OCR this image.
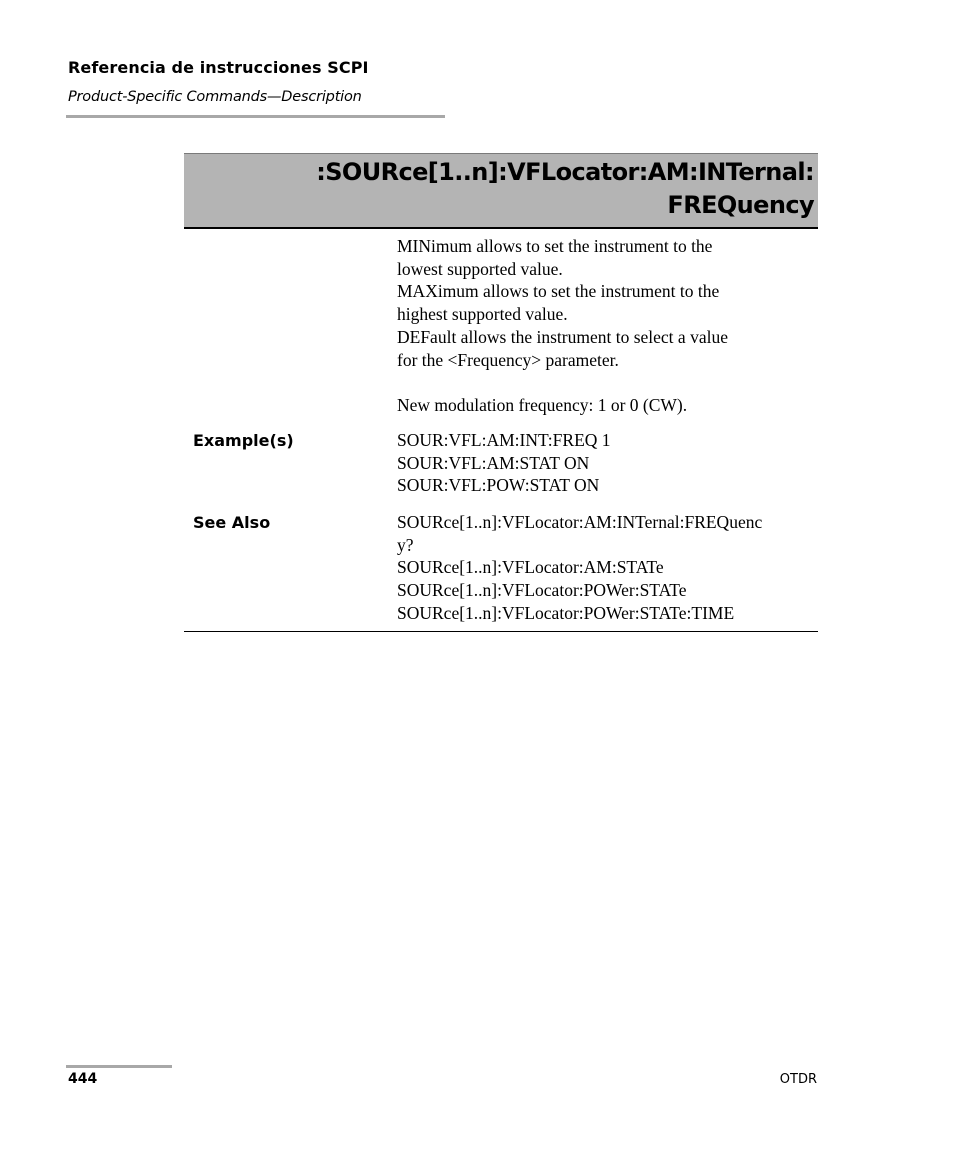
Referencia de instrucciones SCPI
Product-Specific Commands—Description
:SOURce[1..n]:VFLocator:AM:INTernal:
FREQuency
MINimum allows to set the instrument to the
lowest supported value.
MAXimum allows to set the instrument to the
highest supported value.
DEFault allows the instrument to select a value
for the <Frequency> parameter.
New modulation frequency: 1 or 0 (CW).
Example(s)	SOUR:VFL:AM:INT:FREQ 1
SOUR:VFL:AM:STAT ON
SOUR:VFL:POW:STAT ON
See Also	SOURce[1..n]:VFLocator:AM:INTernal:FREQuenc
y?
SOURce[1..n]:VFLocator:AM:STATe
SOURce[1..n]:VFLocator:POWer:STATe
SOURce[1..n]:VFLocator:POWer:STATe:TIME
444	OTDR
